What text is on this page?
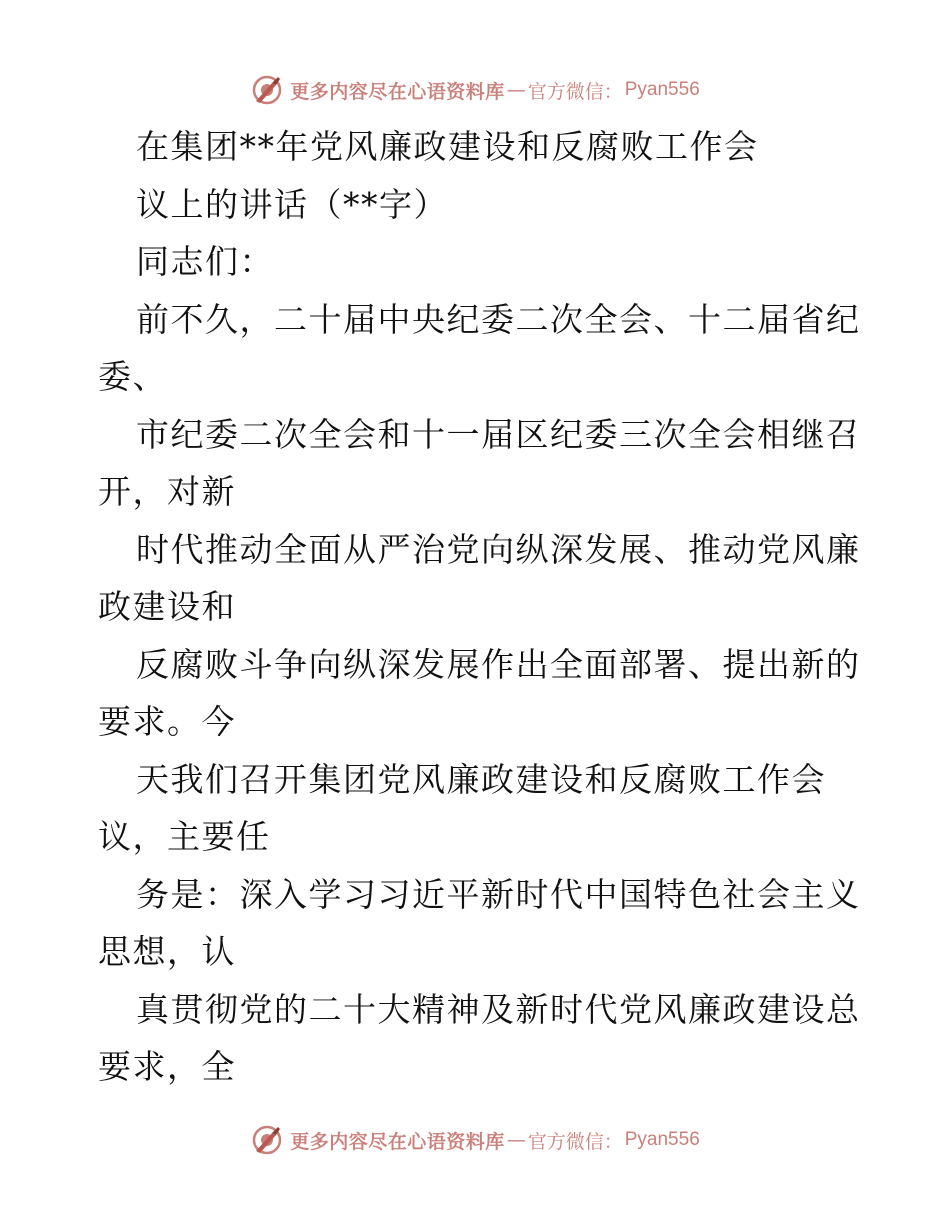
更多内容尽在心语资料库 — 官方微信： Pyan556
在集团**年党风廉政建设和反腐败工作会
议上的讲话（**字）
同志们：
前不久，二十届中央纪委二次全会、十二届省纪
委、
市纪委二次全会和十一届区纪委三次全会相继召
开，对新
时代推动全面从严治党向纵深发展、推动党风廉
政建设和
反腐败斗争向纵深发展作出全面部署、提出新的
要求。今
天我们召开集团党风廉政建设和反腐败工作会
议，主要任
务是：深入学习习近平新时代中国特色社会主义
思想，认
真贯彻党的二十大精神及新时代党风廉政建设总
要求，全
更多内容尽在心语资料库 — 官方微信： Pyan556
